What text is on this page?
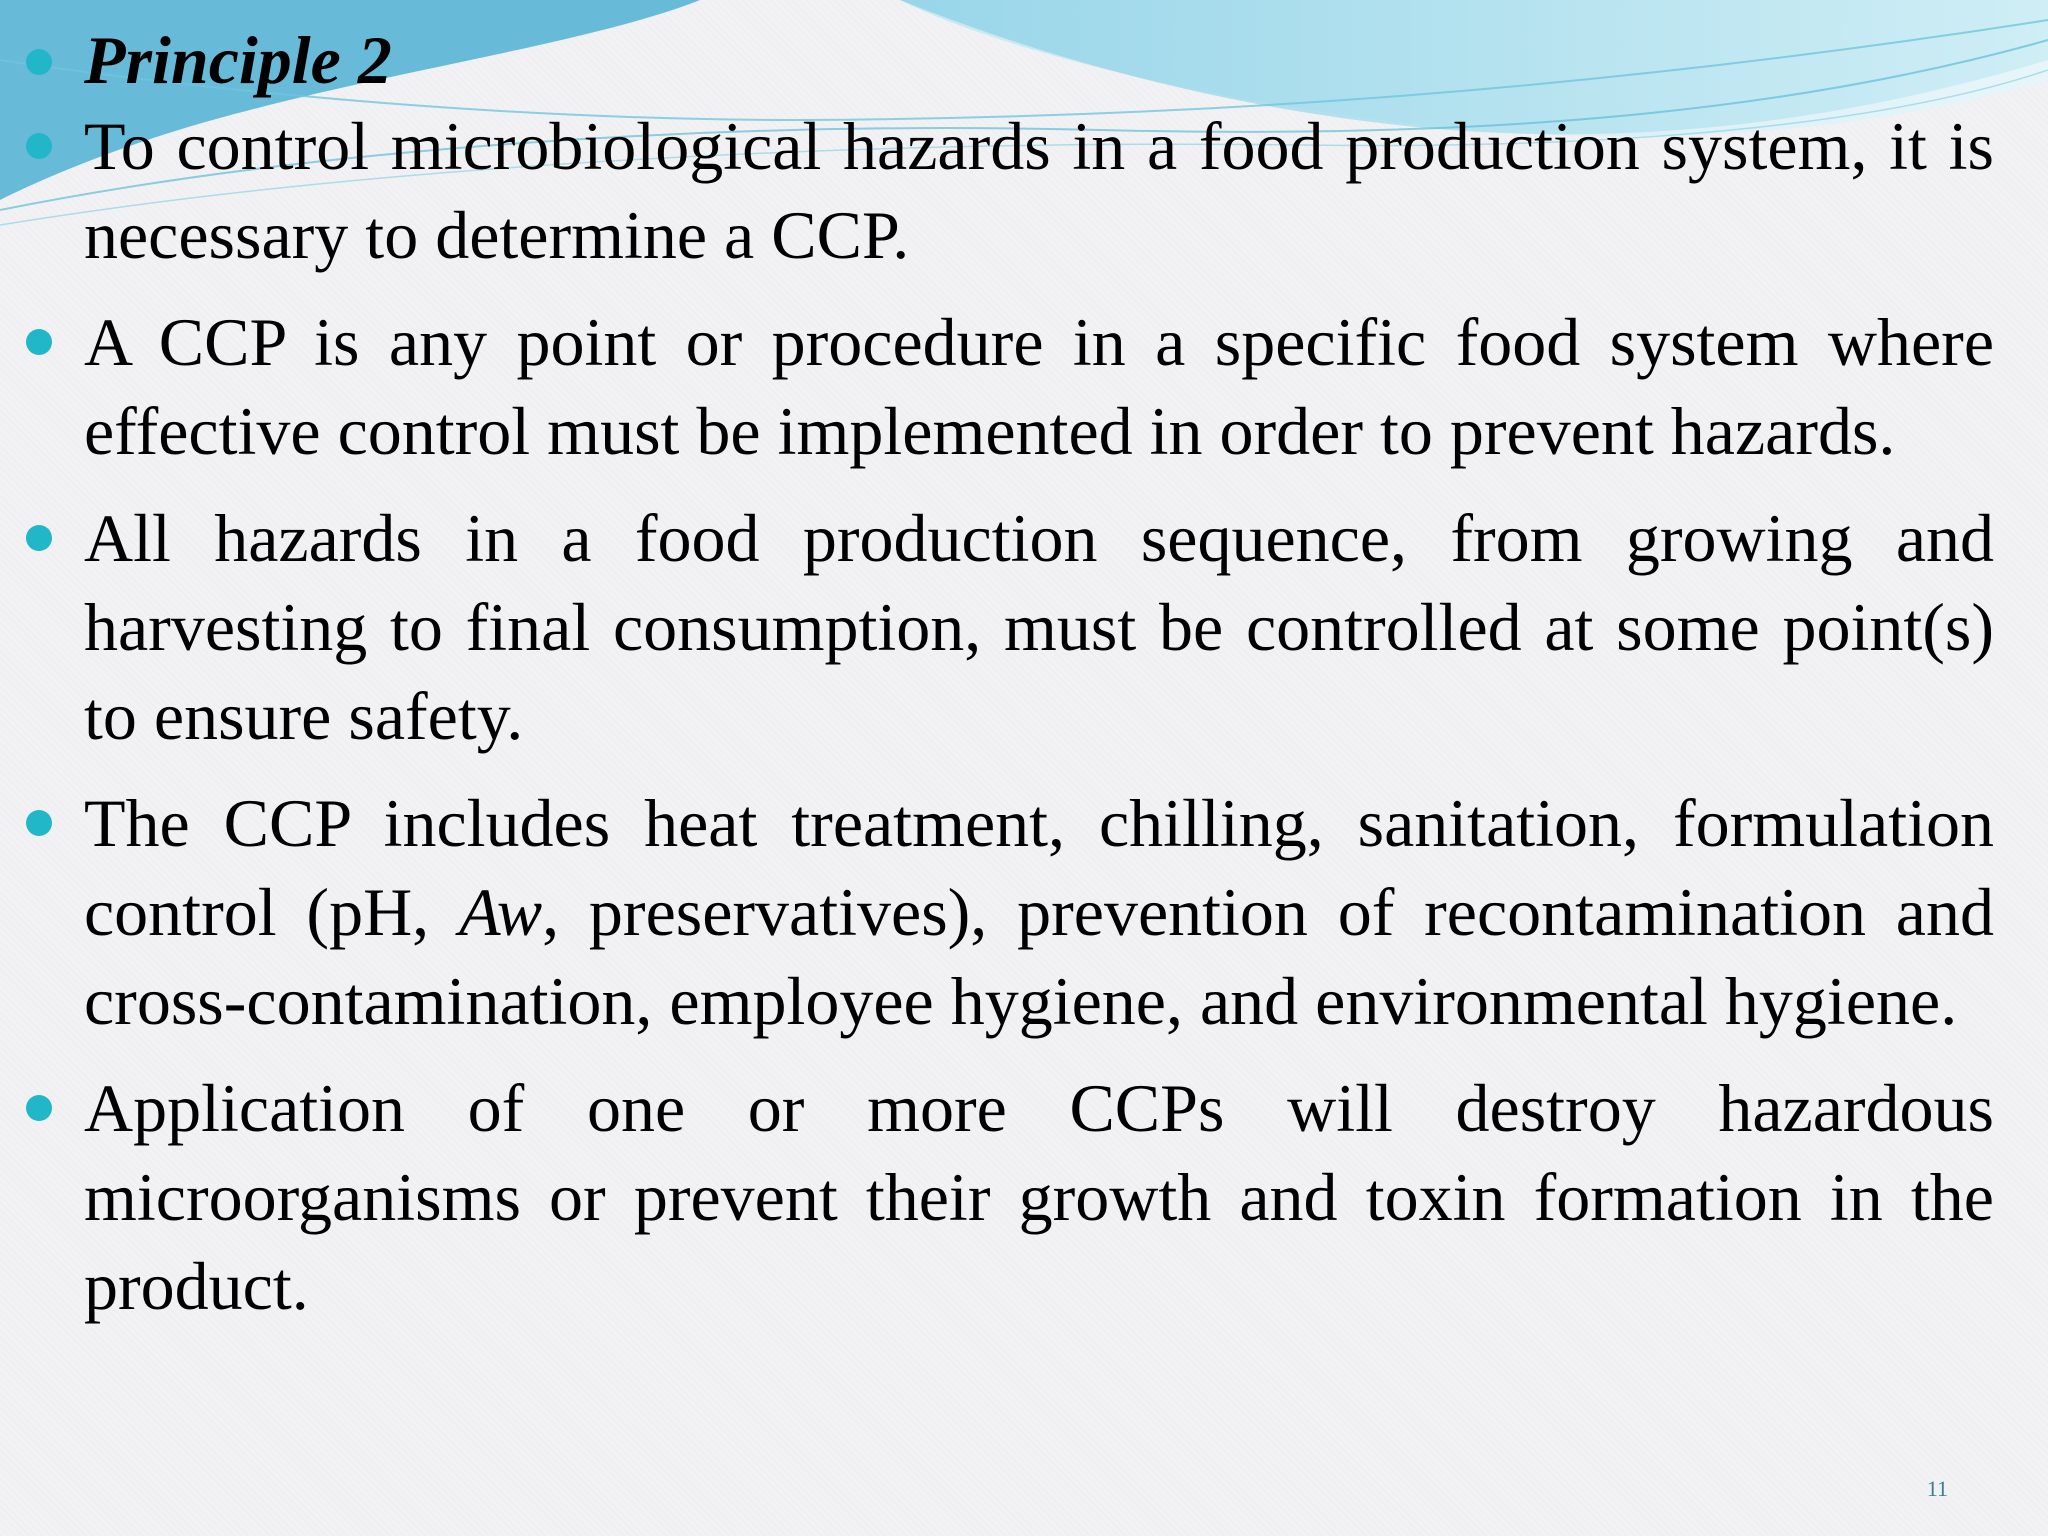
Principle 2
To control microbiological hazards in a food production system, it is necessary to determine a CCP.
A CCP is any point or procedure in a specific food system where effective control must be implemented in order to prevent hazards.
All hazards in a food production sequence, from growing and harvesting to final consumption, must be controlled at some point(s) to ensure safety.
The CCP includes heat treatment, chilling, sanitation, formulation control (pH, Aw, preservatives), prevention of recontamination and cross-contamination, employee hygiene, and environmental hygiene.
Application of one or more CCPs will destroy hazardous microorganisms or prevent their growth and toxin formation in the product.
11
